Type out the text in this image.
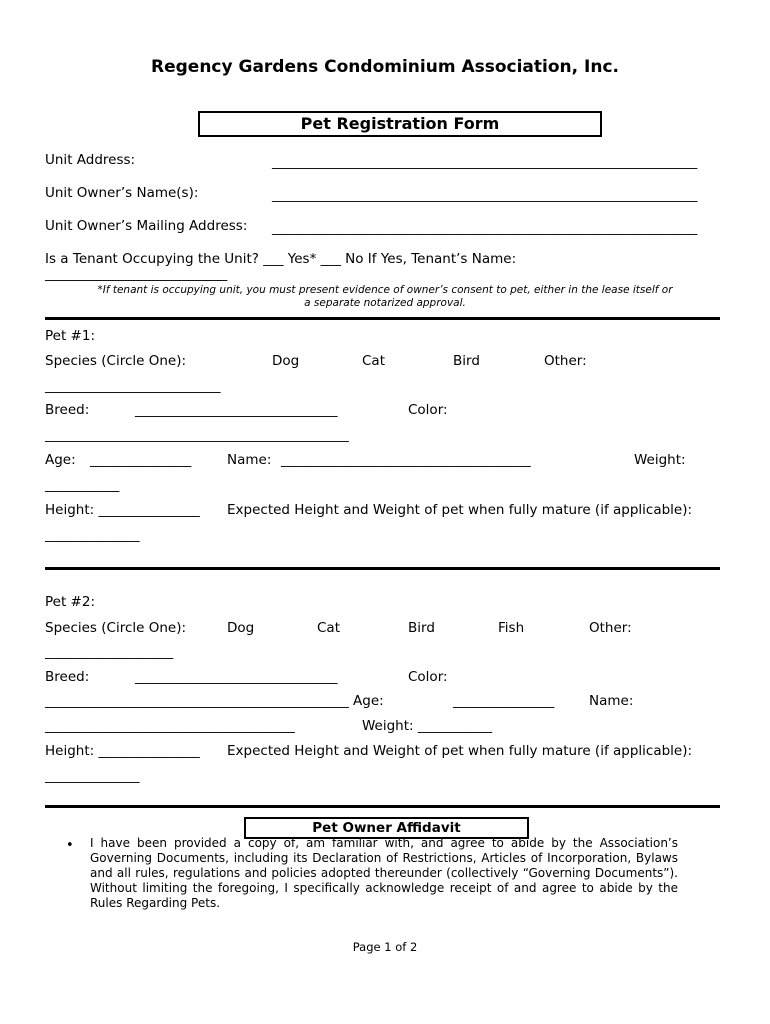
Regency Gardens Condominium Association, Inc.
Pet Registration Form
Unit Address:	_______________________________________________________________
Unit Owner’s Name(s):	_______________________________________________________________
Unit Owner’s Mailing Address: _______________________________________________________________
Is a Tenant Occupying the Unit? ___ Yes* ___ No If Yes, Tenant’s Name:
___________________________
*If tenant is occupying unit, you must present evidence of owner’s consent to pet, either in the lease itself or a separate notarized approval.
Pet #1:
Species (Circle One):	Dog	Cat	Bird	Other:
__________________________
Breed:	______________________________	Color:
_____________________________________________
Age: _______________	Name: _____________________________________	Weight:
___________
Height: _______________ Expected Height and Weight of pet when fully mature (if applicable):
______________
Pet #2:
Species (Circle One):	Dog	Cat	Bird	Fish	Other:
___________________
Breed:	______________________________	Color:
_____________________________________________ Age:	_______________	Name:
_____________________________________	Weight: ___________
Height: _______________ Expected Height and Weight of pet when fully mature (if applicable):
______________
Pet Owner Affidavit
• I have been provided a copy of, am familiar with, and agree to abide by the Association’s Governing Documents, including its Declaration of Restrictions, Articles of Incorporation, Bylaws and all rules, regulations and policies adopted thereunder (collectively “Governing Documents”). Without limiting the foregoing, I specifically acknowledge receipt of and agree to abide by the Rules Regarding Pets.
Page 1 of 2
